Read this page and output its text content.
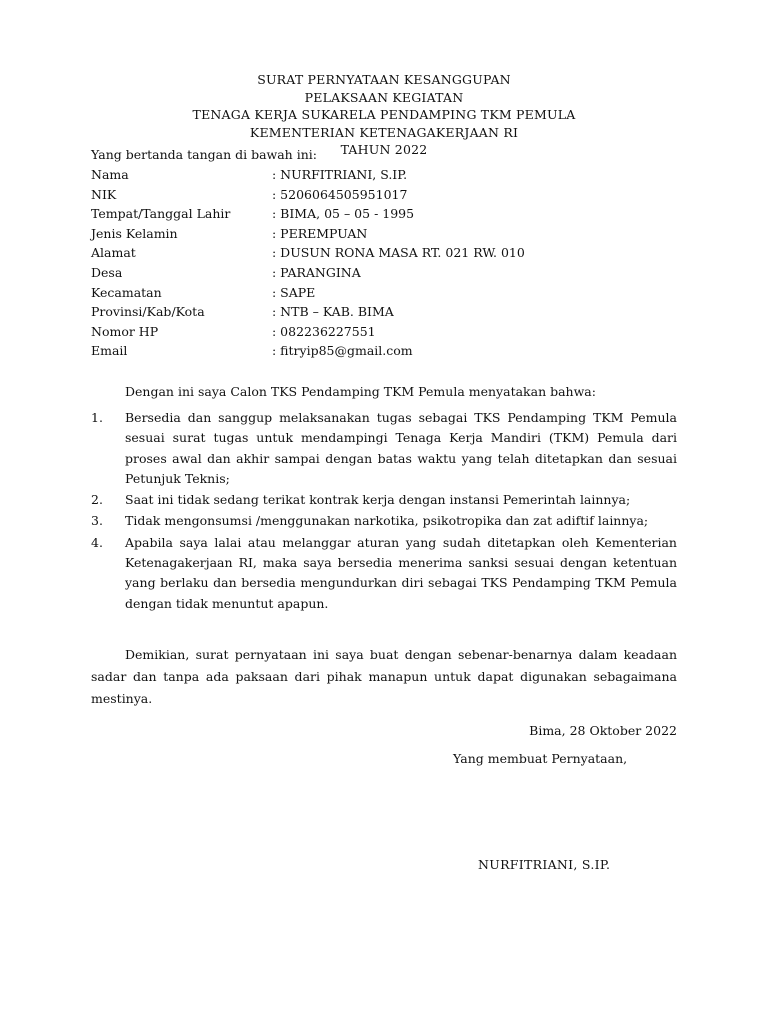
SURAT PERNYATAAN KESANGGUPAN
PELAKSAAN KEGIATAN
TENAGA KERJA SUKARELA PENDAMPING TKM PEMULA
KEMENTERIAN KETENAGAKERJAAN RI
TAHUN 2022
Yang bertanda tangan di bawah ini:
Nama	: NURFITRIANI, S.IP.
NIK	: 5206064505951017
Tempat/Tanggal Lahir	: BIMA, 05 – 05 - 1995
Jenis Kelamin	: PEREMPUAN
Alamat	: DUSUN RONA MASA RT. 021 RW. 010
Desa	: PARANGINA
Kecamatan	: SAPE
Provinsi/Kab/Kota	: NTB – KAB. BIMA
Nomor HP	: 082236227551
Email	: fitryip85@gmail.com
Dengan ini saya Calon TKS Pendamping TKM Pemula menyatakan bahwa:
1. Bersedia dan sanggup melaksanakan tugas sebagai TKS Pendamping TKM Pemula sesuai surat tugas untuk mendampingi Tenaga Kerja Mandiri (TKM) Pemula dari proses awal dan akhir sampai dengan batas waktu yang telah ditetapkan dan sesuai Petunjuk Teknis;
2. Saat ini tidak sedang terikat kontrak kerja dengan instansi Pemerintah lainnya;
3. Tidak mengonsumsi /menggunakan narkotika, psikotropika dan zat adiftif lainnya;
4. Apabila saya lalai atau melanggar aturan yang sudah ditetapkan oleh Kementerian Ketenagakerjaan RI, maka saya bersedia menerima sanksi sesuai dengan ketentuan yang berlaku dan bersedia mengundurkan diri sebagai TKS Pendamping TKM Pemula dengan tidak menuntut apapun.
Demikian, surat pernyataan ini saya buat dengan sebenar-benarnya dalam keadaan sadar dan tanpa ada paksaan dari pihak manapun untuk dapat digunakan sebagaimana mestinya.
Bima, 28 Oktober 2022
Yang membuat Pernyataan,
NURFITRIANI, S.IP.
